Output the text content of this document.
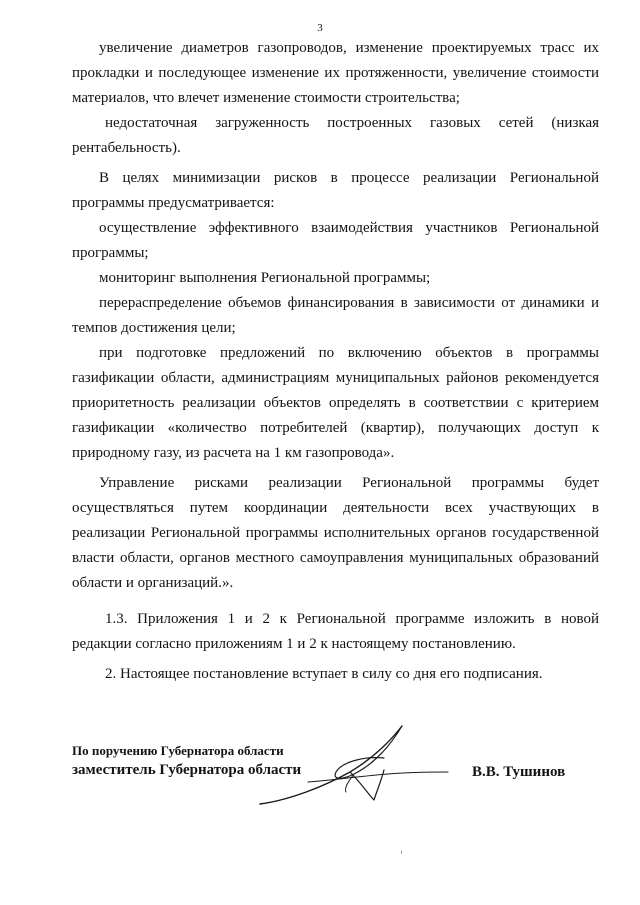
3

увеличение диаметров газопроводов, изменение проектируемых трасс их прокладки и последующее изменение их протяженности, увеличение стоимости материалов, что влечет изменение стоимости строительства;

недостаточная загруженность построенных газовых сетей (низкая рентабельность).

В целях минимизации рисков в процессе реализации Региональной программы предусматривается:

осуществление эффективного взаимодействия участников Региональной программы;

мониторинг выполнения Региональной программы;

перераспределение объемов финансирования в зависимости от динамики и темпов достижения цели;

при подготовке предложений по включению объектов в программы газификации области, администрациям муниципальных районов рекомендуется приоритетность реализации объектов определять в соответствии с критерием газификации «количество потребителей (квартир), получающих доступ к природному газу, из расчета на 1 км газопровода».

Управление рисками реализации Региональной программы будет осуществляться путем координации деятельности всех участвующих в реализации Региональной программы исполнительных органов государственной власти области, органов местного самоуправления муниципальных образований области и организаций.».

1.3. Приложения 1 и 2 к Региональной программе изложить в новой редакции согласно приложениям 1 и 2 к настоящему постановлению.

2. Настоящее постановление вступает в силу со дня его подписания.

По поручению Губернатора области
заместитель Губернатора области	В.В. Тушинов
